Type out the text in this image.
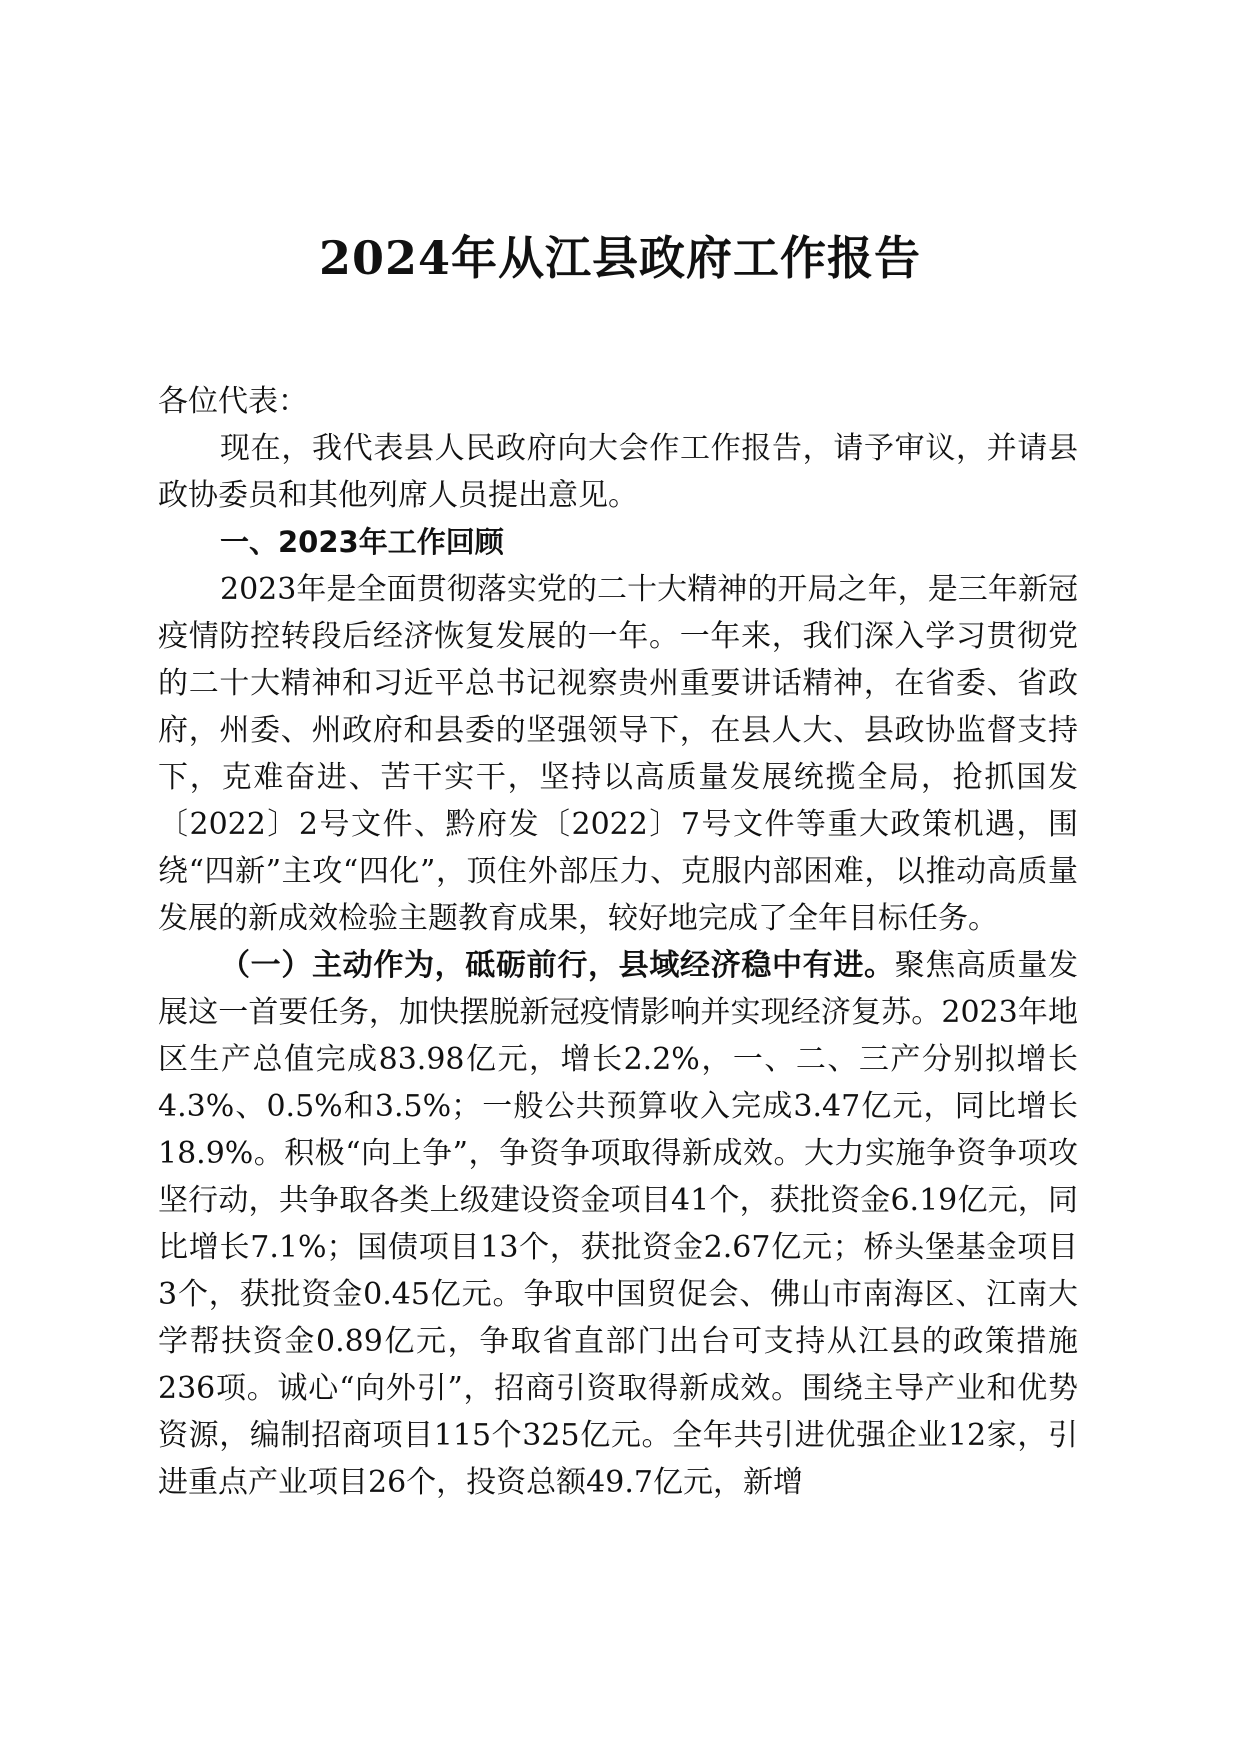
2024年从江县政府工作报告

各位代表：

现在，我代表县人民政府向大会作工作报告，请予审议，并请县政协委员和其他列席人员提出意见。

一、2023年工作回顾

2023年是全面贯彻落实党的二十大精神的开局之年，是三年新冠疫情防控转段后经济恢复发展的一年。一年来，我们深入学习贯彻党的二十大精神和习近平总书记视察贵州重要讲话精神，在省委、省政府，州委、州政府和县委的坚强领导下，在县人大、县政协监督支持下，克难奋进、苦干实干，坚持以高质量发展统揽全局，抢抓国发〔2022〕2号文件、黔府发〔2022〕7号文件等重大政策机遇，围绕“四新”主攻“四化”，顶住外部压力、克服内部困难，以推动高质量发展的新成效检验主题教育成果，较好地完成了全年目标任务。

（一）主动作为，砥砺前行，县域经济稳中有进。聚焦高质量发展这一首要任务，加快摆脱新冠疫情影响并实现经济复苏。2023年地区生产总值完成83.98亿元，增长2.2%，一、二、三产分别拟增长4.3%、0.5%和3.5%；一般公共预算收入完成3.47亿元，同比增长18.9%。积极“向上争”，争资争项取得新成效。大力实施争资争项攻坚行动，共争取各类上级建设资金项目41个，获批资金6.19亿元，同比增长7.1%；国债项目13个，获批资金2.67亿元；桥头堡基金项目3个，获批资金0.45亿元。争取中国贸促会、佛山市南海区、江南大学帮扶资金0.89亿元，争取省直部门出台可支持从江县的政策措施236项。诚心“向外引”，招商引资取得新成效。围绕主导产业和优势资源，编制招商项目115个325亿元。全年共引进优强企业12家，引进重点产业项目26个，投资总额49.7亿元，新增
